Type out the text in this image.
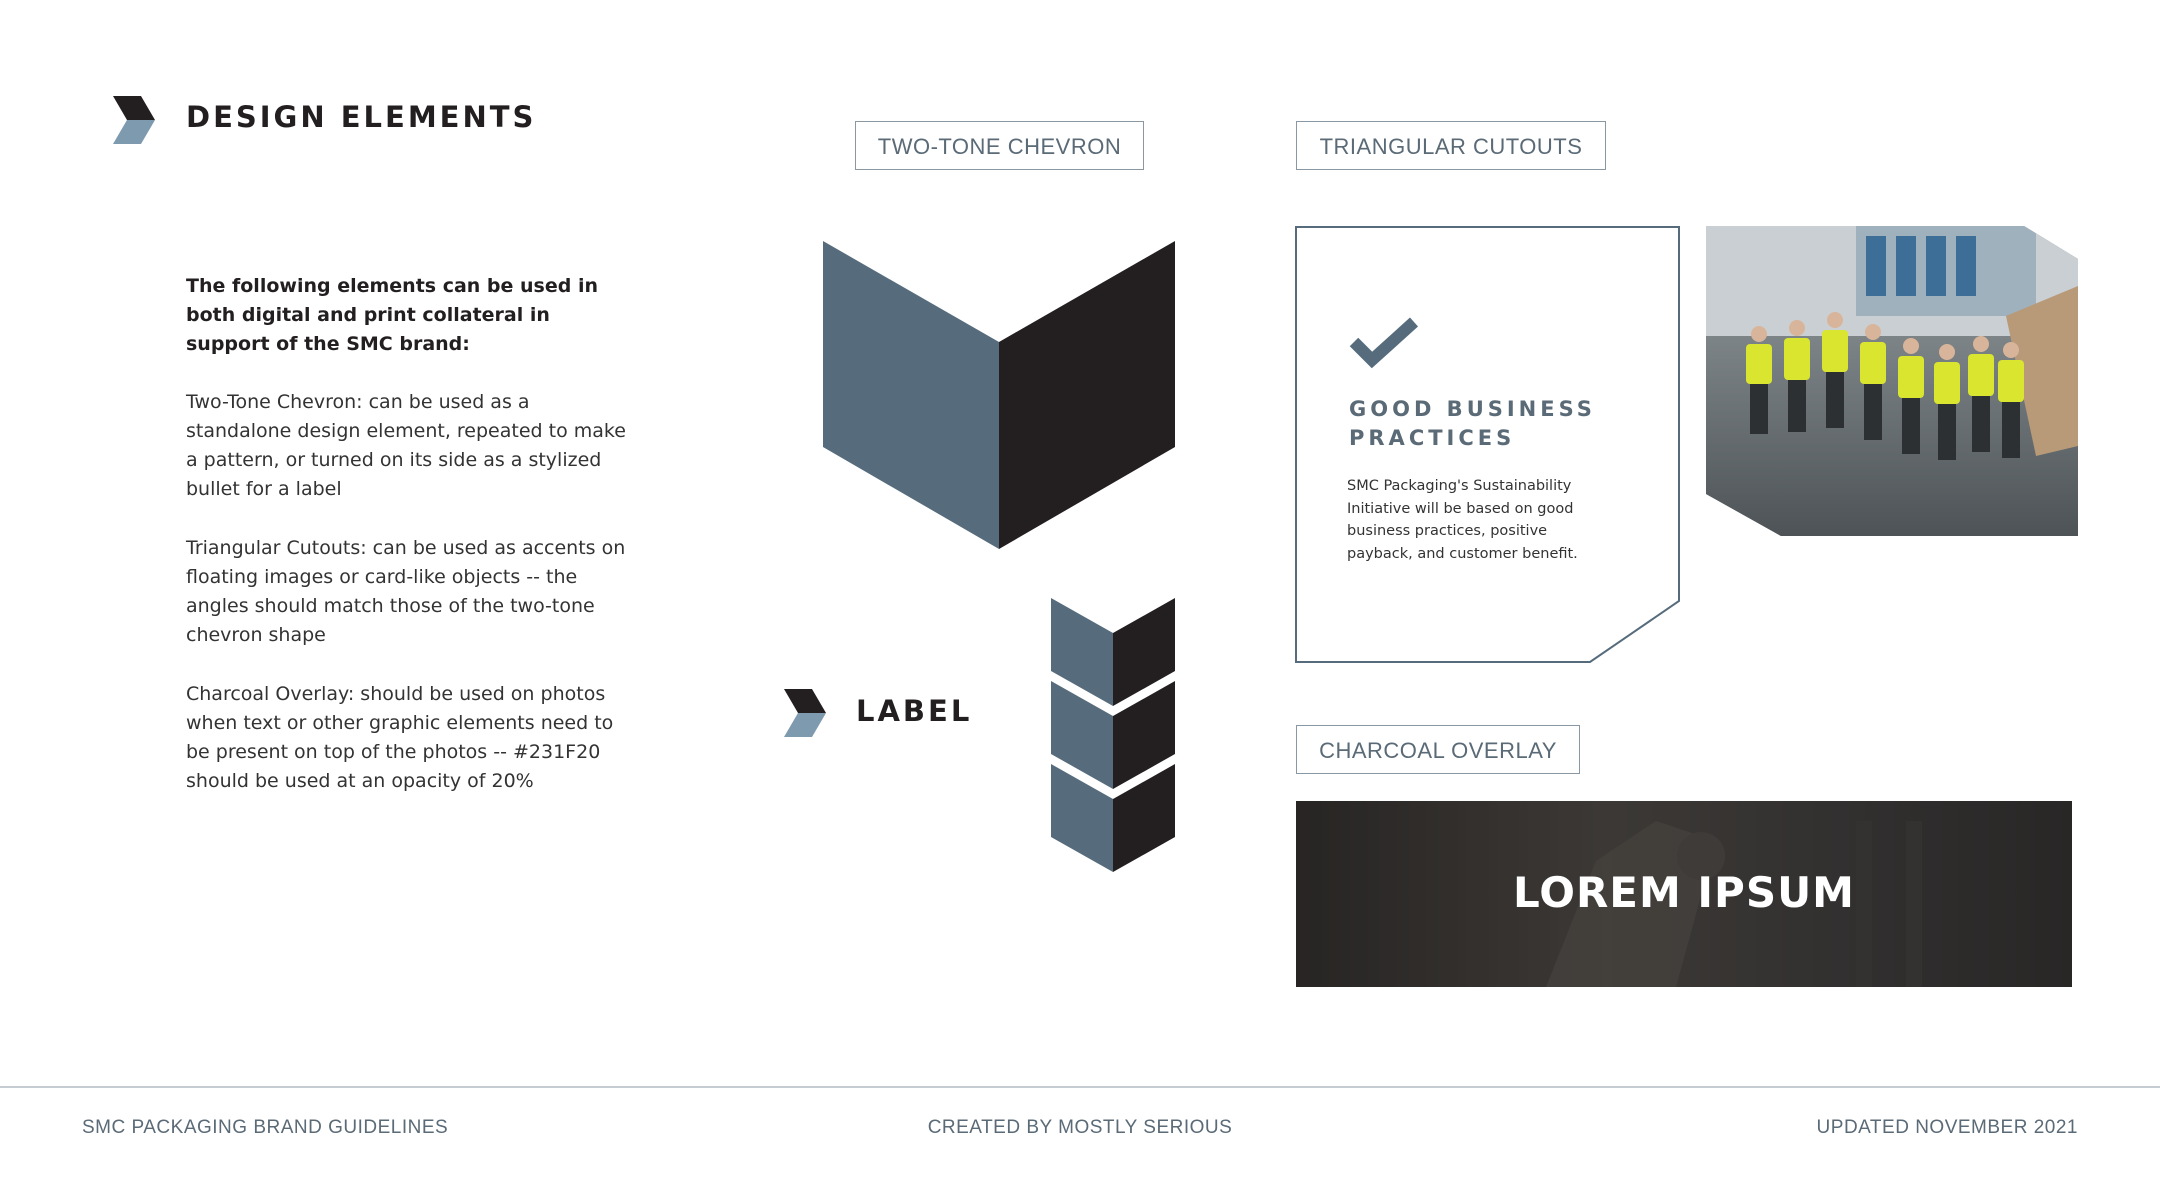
DESIGN ELEMENTS
The following elements can be used in both digital and print collateral in support of the SMC brand:
Two-Tone Chevron: can be used as a standalone design element, repeated to make a pattern, or turned on its side as a stylized bullet for a label
Triangular Cutouts: can be used as accents on floating images or card-like objects -- the angles should match those of the two-tone chevron shape
Charcoal Overlay: should be used on photos when text or other graphic elements need to be present on top of the photos -- #231F20 should be used at an opacity of 20%
TWO-TONE CHEVRON	TRIANGULAR CUTOUTS
CHARCOAL OVERLAY
LABEL
GOOD BUSINESS PRACTICES
SMC Packaging's Sustainability Initiative will be based on good business practices, positive payback, and customer benefit.
LOREM IPSUM
SMC PACKAGING BRAND GUIDELINES	CREATED BY MOSTLY SERIOUS	UPDATED NOVEMBER 2021
